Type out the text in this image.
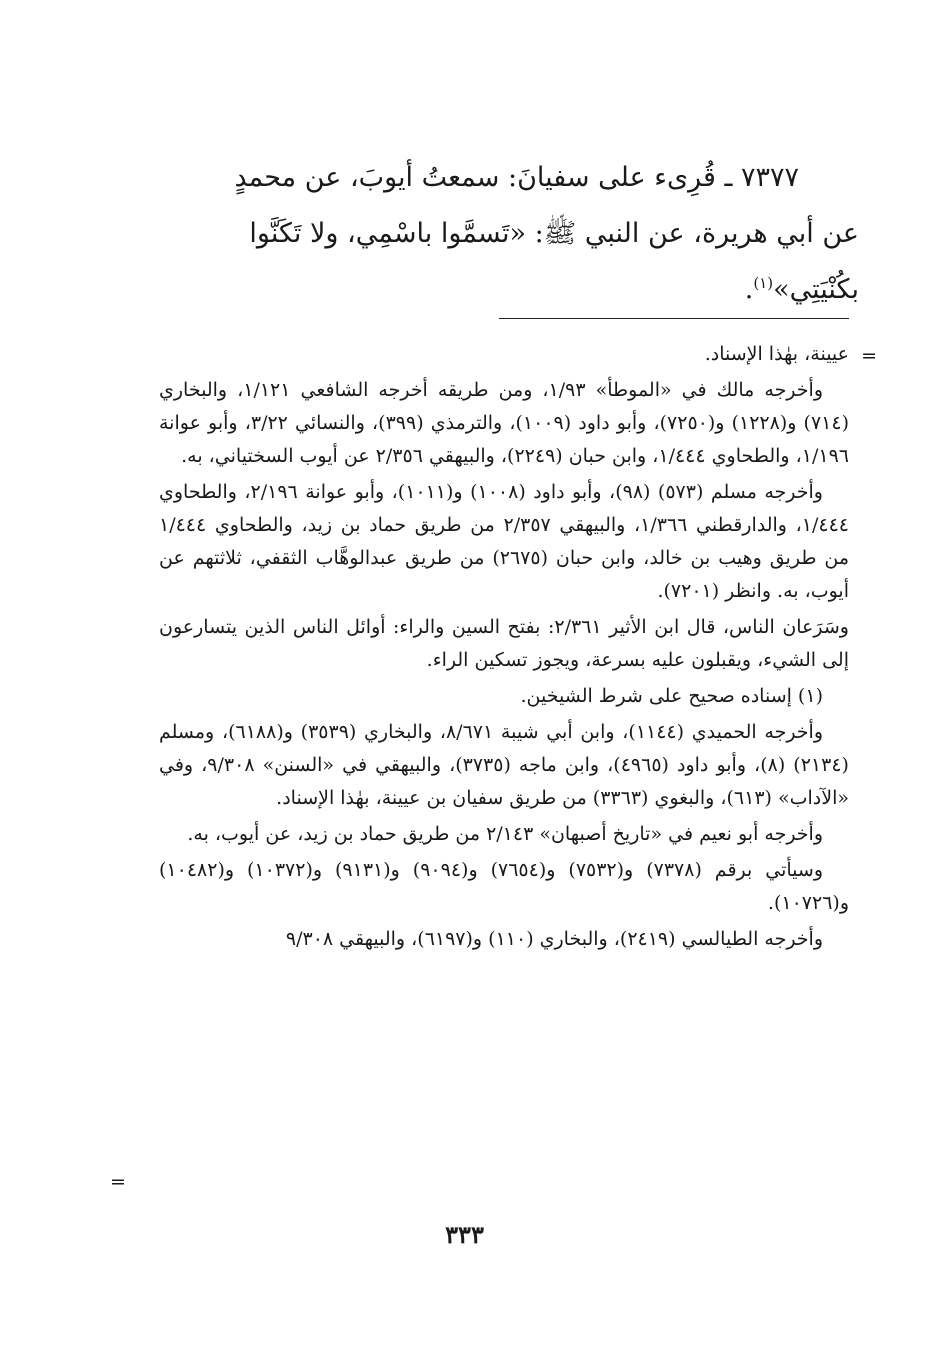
٧٣٧٧ ـ قُرِىء على سفيانَ: سمعتُ أيوبَ، عن محمدٍ

عن أبي هريرة، عن النبي ﷺ: «تَسمَّوا باسْمِي، ولا تَكَنَّوا بكُنْيَتِي»$^{(١)}$.

=

عيينة، بهٰذا الإسناد.

وأخرجه مالك في «الموطأ» ١/٩٣، ومن طريقه أخرجه الشافعي ١/١٢١، والبخاري (٧١٤) و(١٢٢٨) و(٧٢٥٠)، وأبو داود (١٠٠٩)، والترمذي (٣٩٩)، والنسائي ٣/٢٢، وأبو عوانة ١/١٩٦، والطحاوي ١/٤٤٤، وابن حبان (٢٢٤٩)، والبيهقي ٢/٣٥٦ عن أيوب السختياني، به.

وأخرجه مسلم (٥٧٣) (٩٨)، وأبو داود (١٠٠٨) و(١٠١١)، وأبو عوانة ٢/١٩٦، والطحاوي ١/٤٤٤، والدارقطني ١/٣٦٦، والبيهقي ٢/٣٥٧ من طريق حماد بن زيد، والطحاوي ١/٤٤٤ من طريق وهيب بن خالد، وابن حبان (٢٦٧٥) من طريق عبدالوهَّاب الثقفي، ثلاثتهم عن أيوب، به. وانظر (٧٢٠١).

وسَرَعان الناس، قال ابن الأثير ٢/٣٦١: بفتح السين والراء: أوائل الناس الذين يتسارعون إلى الشيء، ويقبلون عليه بسرعة، ويجوز تسكين الراء.

(١) إسناده صحيح على شرط الشيخين.

وأخرجه الحميدي (١١٤٤)، وابن أبي شيبة ٨/٦٧١، والبخاري (٣٥٣٩) و(٦١٨٨)، ومسلم (٢١٣٤) (٨)، وأبو داود (٤٩٦٥)، وابن ماجه (٣٧٣٥)، والبيهقي في «السنن» ٩/٣٠٨، وفي «الآداب» (٦١٣)، والبغوي (٣٣٦٣) من طريق سفيان بن عيينة، بهٰذا الإسناد.

وأخرجه أبو نعيم في «تاريخ أصبهان» ٢/١٤٣ من طريق حماد بن زيد، عن أيوب، به.

وسيأتي برقم (٧٣٧٨) و(٧٥٣٢) و(٧٦٥٤) و(٩٠٩٤) و(٩١٣١) و(١٠٣٧٢) و(١٠٤٨٢) و(١٠٧٢٦).

وأخرجه الطيالسي (٢٤١٩)، والبخاري (١١٠) و(٦١٩٧)، والبيهقي ٩/٣٠٨

=
٣٣٣
